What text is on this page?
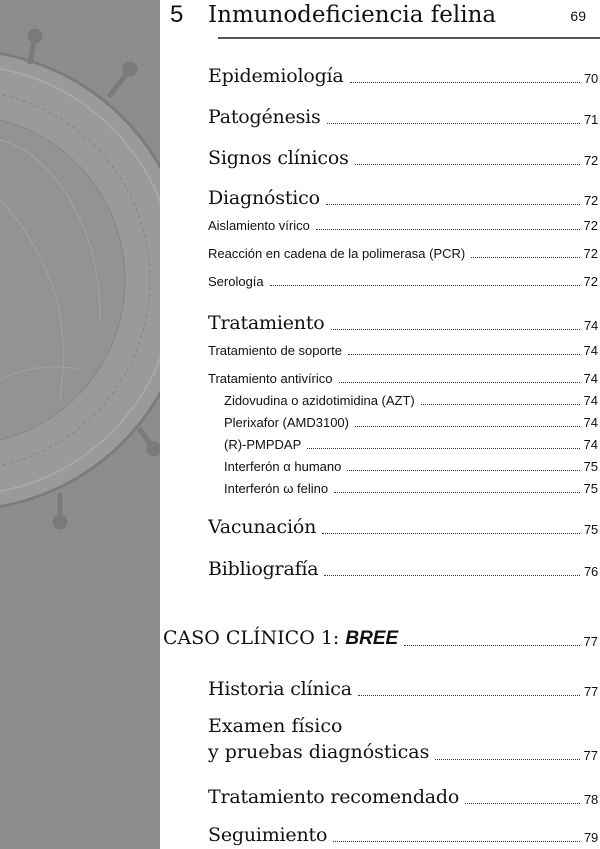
5 Inmunodeficiencia felina	69
Epidemiología	70
Patogénesis	71
Signos clínicos	72
Diagnóstico	72
Aislamiento vírico	72
Reacción en cadena de la polimerasa (PCR)	72
Serología	72
Tratamiento	74
Tratamiento de soporte	74
Tratamiento antivírico	74
Zidovudina o azidotimidina (AZT)	74
Plerixafor (AMD3100)	74
(R)-PMPDAP	74
Interferón α humano	75
Interferón ω felino	75
Vacunación	75
Bibliografía	76
CASO CLÍNICO 1: BREE	77
Historia clínica	77
Examen físico
y pruebas diagnósticas	77
Tratamiento recomendado	78
Seguimiento	79
